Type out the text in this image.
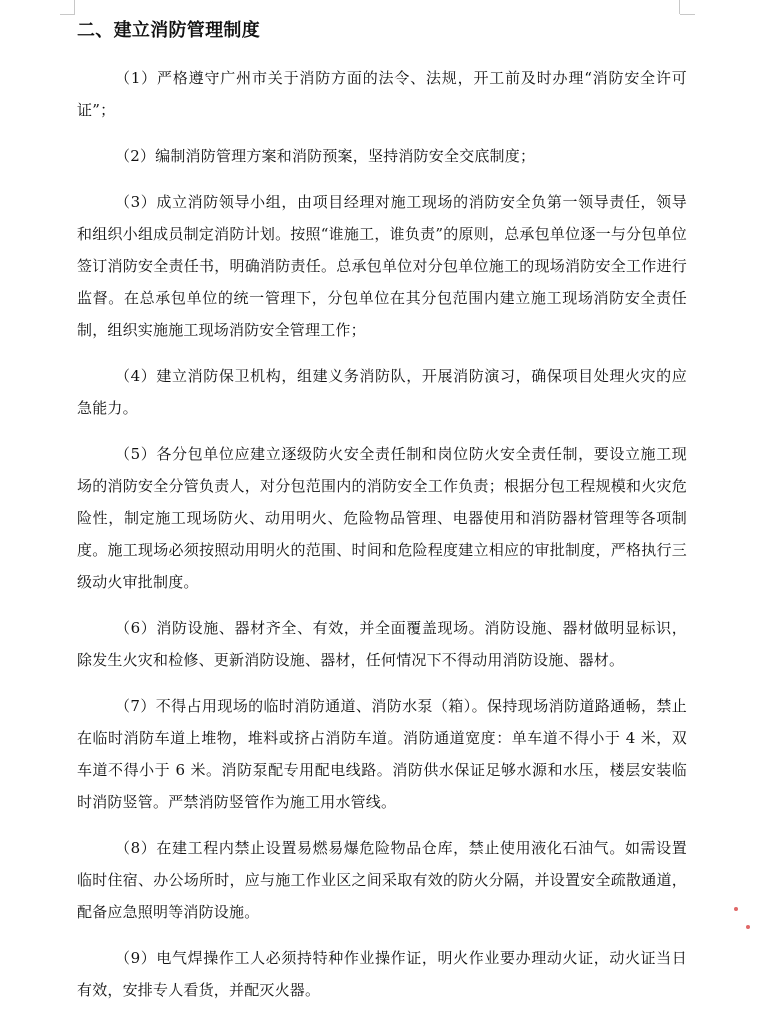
二、建立消防管理制度

（1）严格遵守广州市关于消防方面的法令、法规，开工前及时办理“消防安全许可证”；

（2）编制消防管理方案和消防预案，坚持消防安全交底制度；

（3）成立消防领导小组，由项目经理对施工现场的消防安全负第一领导责任，领导和组织小组成员制定消防计划。按照“谁施工，谁负责”的原则，总承包单位逐一与分包单位签订消防安全责任书，明确消防责任。总承包单位对分包单位施工的现场消防安全工作进行监督。在总承包单位的统一管理下，分包单位在其分包范围内建立施工现场消防安全责任制，组织实施施工现场消防安全管理工作；

（4）建立消防保卫机构，组建义务消防队，开展消防演习，确保项目处理火灾的应急能力。

（5）各分包单位应建立逐级防火安全责任制和岗位防火安全责任制，要设立施工现场的消防安全分管负责人，对分包范围内的消防安全工作负责；根据分包工程规模和火灾危险性，制定施工现场防火、动用明火、危险物品管理、电器使用和消防器材管理等各项制度。施工现场必须按照动用明火的范围、时间和危险程度建立相应的审批制度，严格执行三级动火审批制度。

（6）消防设施、器材齐全、有效，并全面覆盖现场。消防设施、器材做明显标识，除发生火灾和检修、更新消防设施、器材，任何情况下不得动用消防设施、器材。

（7）不得占用现场的临时消防通道、消防水泵（箱）。保持现场消防道路通畅，禁止在临时消防车道上堆物，堆料或挤占消防车道。消防通道宽度：单车道不得小于 4 米，双车道不得小于 6 米。消防泵配专用配电线路。消防供水保证足够水源和水压，楼层安装临时消防竖管。严禁消防竖管作为施工用水管线。

（8）在建工程内禁止设置易燃易爆危险物品仓库，禁止使用液化石油气。如需设置临时住宿、办公场所时，应与施工作业区之间采取有效的防火分隔，并设置安全疏散通道，配备应急照明等消防设施。

（9）电气焊操作工人必须持特种作业操作证，明火作业要办理动火证，动火证当日有效，安排专人看货，并配灭火器。
